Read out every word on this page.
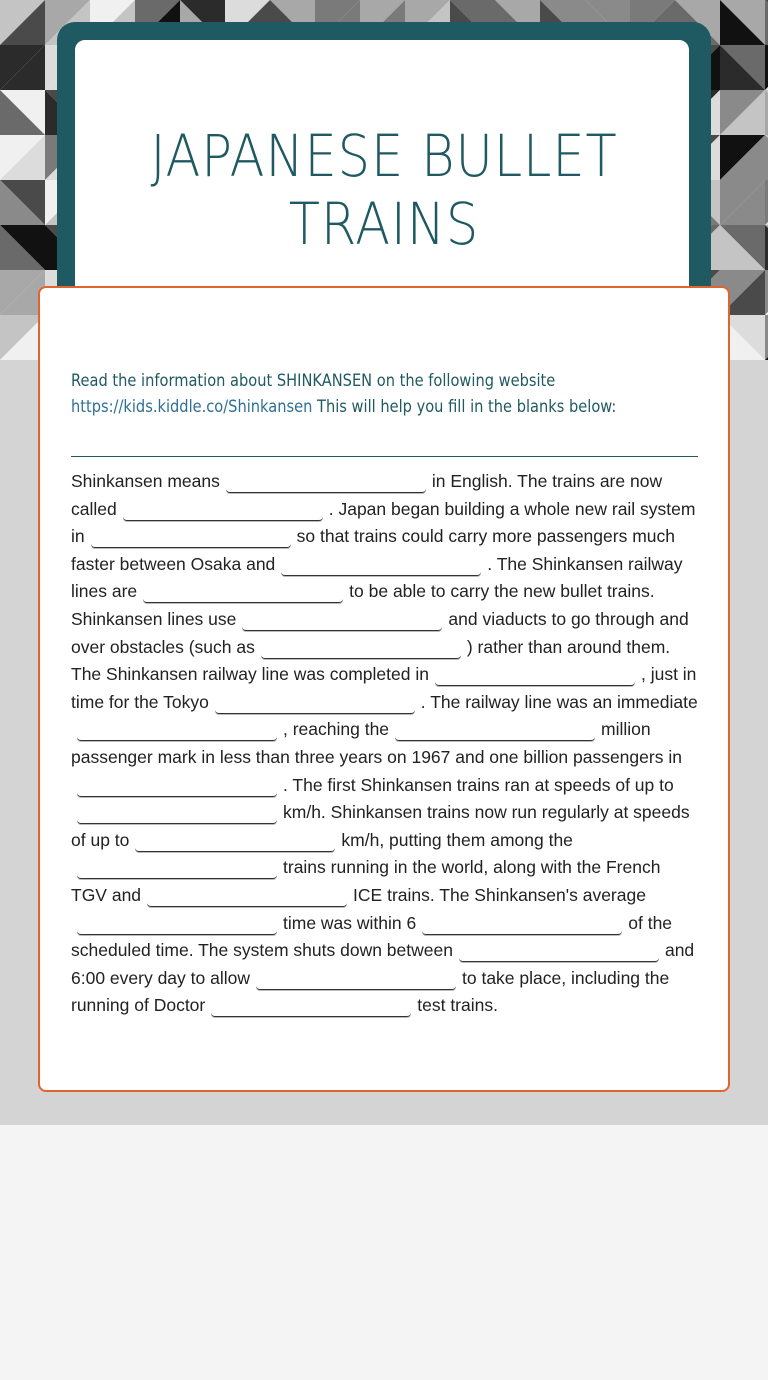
JAPANESE BULLET TRAINS
Read the information about SHINKANSEN on the following website https://kids.kiddle.co/Shinkansen This will help you fill in the blanks below:
Shinkansen means	in English. The trains are now called	. Japan began building a whole new rail system in	so that trains could carry more passengers much faster between Osaka and	. The Shinkansen railway lines are	to be able to carry the new bullet trains. Shinkansen lines use	and viaducts to go through and over obstacles (such as	) rather than around them. The Shinkansen railway line was completed in	, just in time for the Tokyo	. The railway line was an immediate, reaching the	million passenger mark in less than three years on 1967 and one billion passengers in. The first Shinkansen trains ran at speeds of up tokm/h. Shinkansen trains now run regularly at speeds of up to	km/h, putting them among thetrains running in the world, along with the French TGV and	ICE trains. The Shinkansen's averagetime was within 6	of the scheduled time. The system shuts down between	and 6:00 every day to allow	to take place, including the running of Doctor	test trains.
